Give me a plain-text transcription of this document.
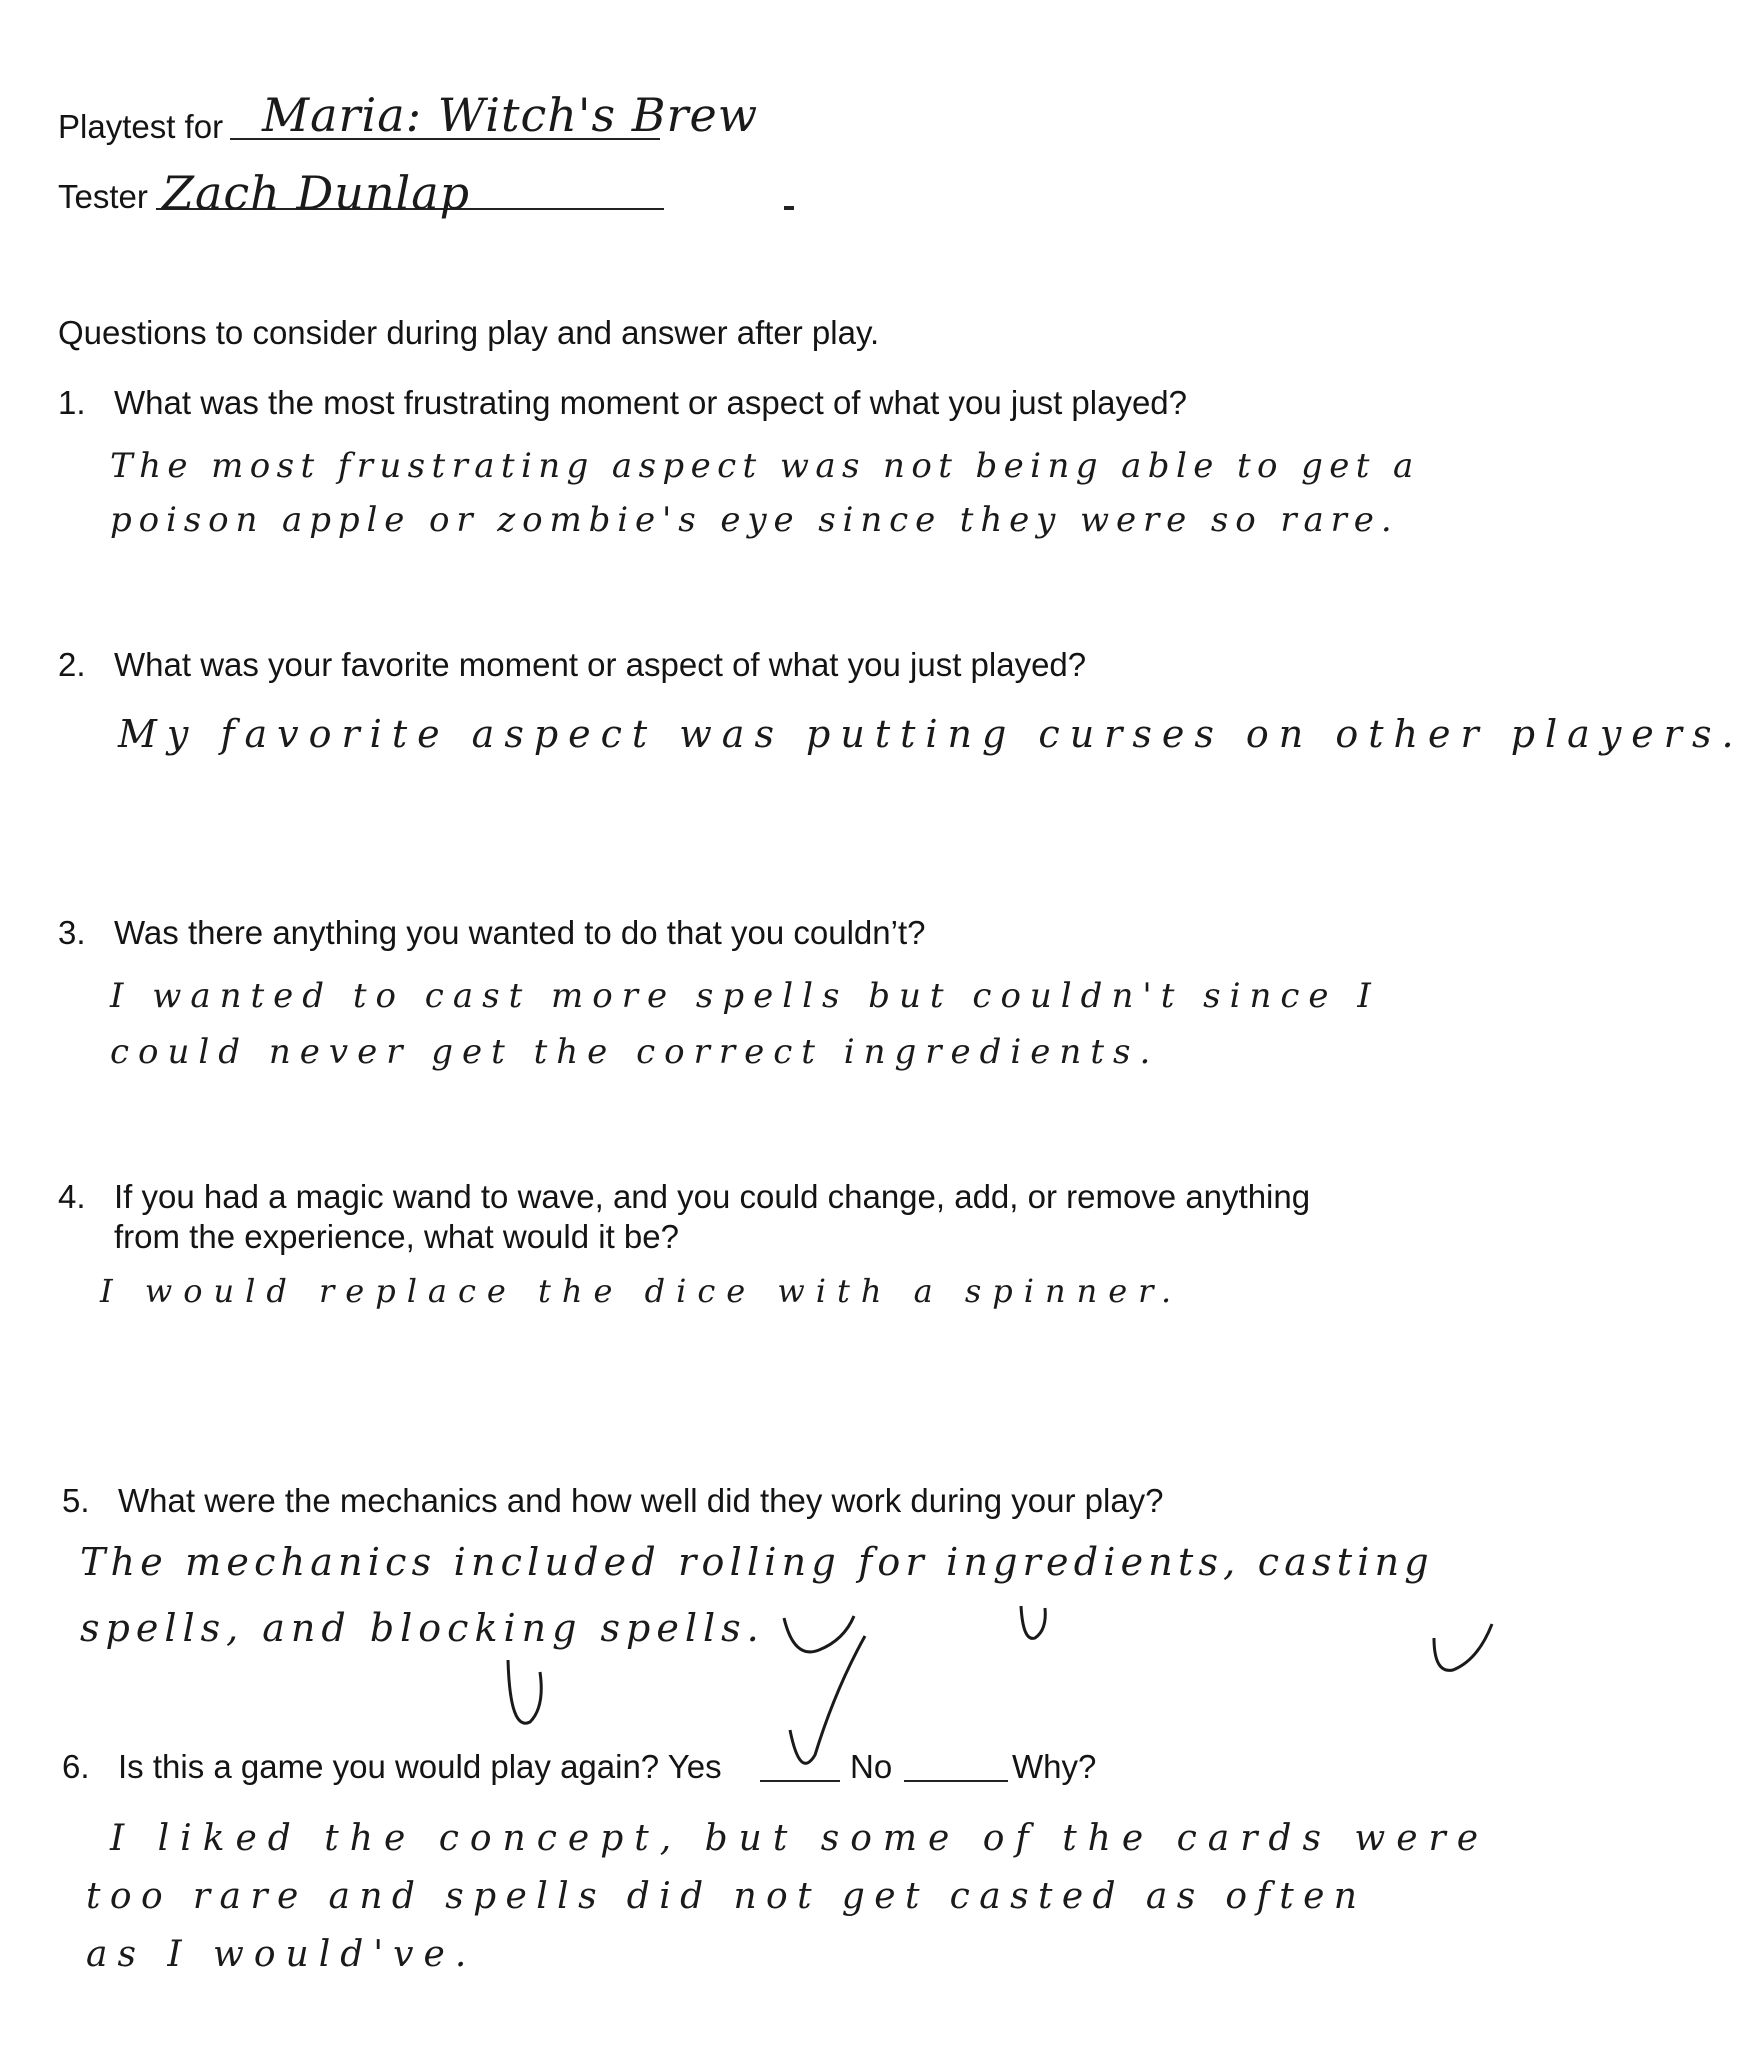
Playtest for Maria: Witch's Brew
Tester Zach Dunlap
Questions to consider during play and answer after play.
1. What was the most frustrating moment or aspect of what you just played?
The most frustrating aspect was not being able to get a
poison apple or zombie's eye since they were so rare.
2. What was your favorite moment or aspect of what you just played?
My favorite aspect was putting curses on other players.
3. Was there anything you wanted to do that you couldn’t?
I wanted to cast more spells but couldn't since I
could never get the correct ingredients.
4. If you had a magic wand to wave, and you could change, add, or remove anything
from the experience, what would it be?
I would replace the dice with a spinner.
5. What were the mechanics and how well did they work during your play?
The mechanics included rolling for ingredients, casting
spells, and blocking spells.
6. Is this a game you would play again? Yes	No	Why?
I liked the concept, but some of the cards were
too rare and spells did not get casted as often
as I would've.
